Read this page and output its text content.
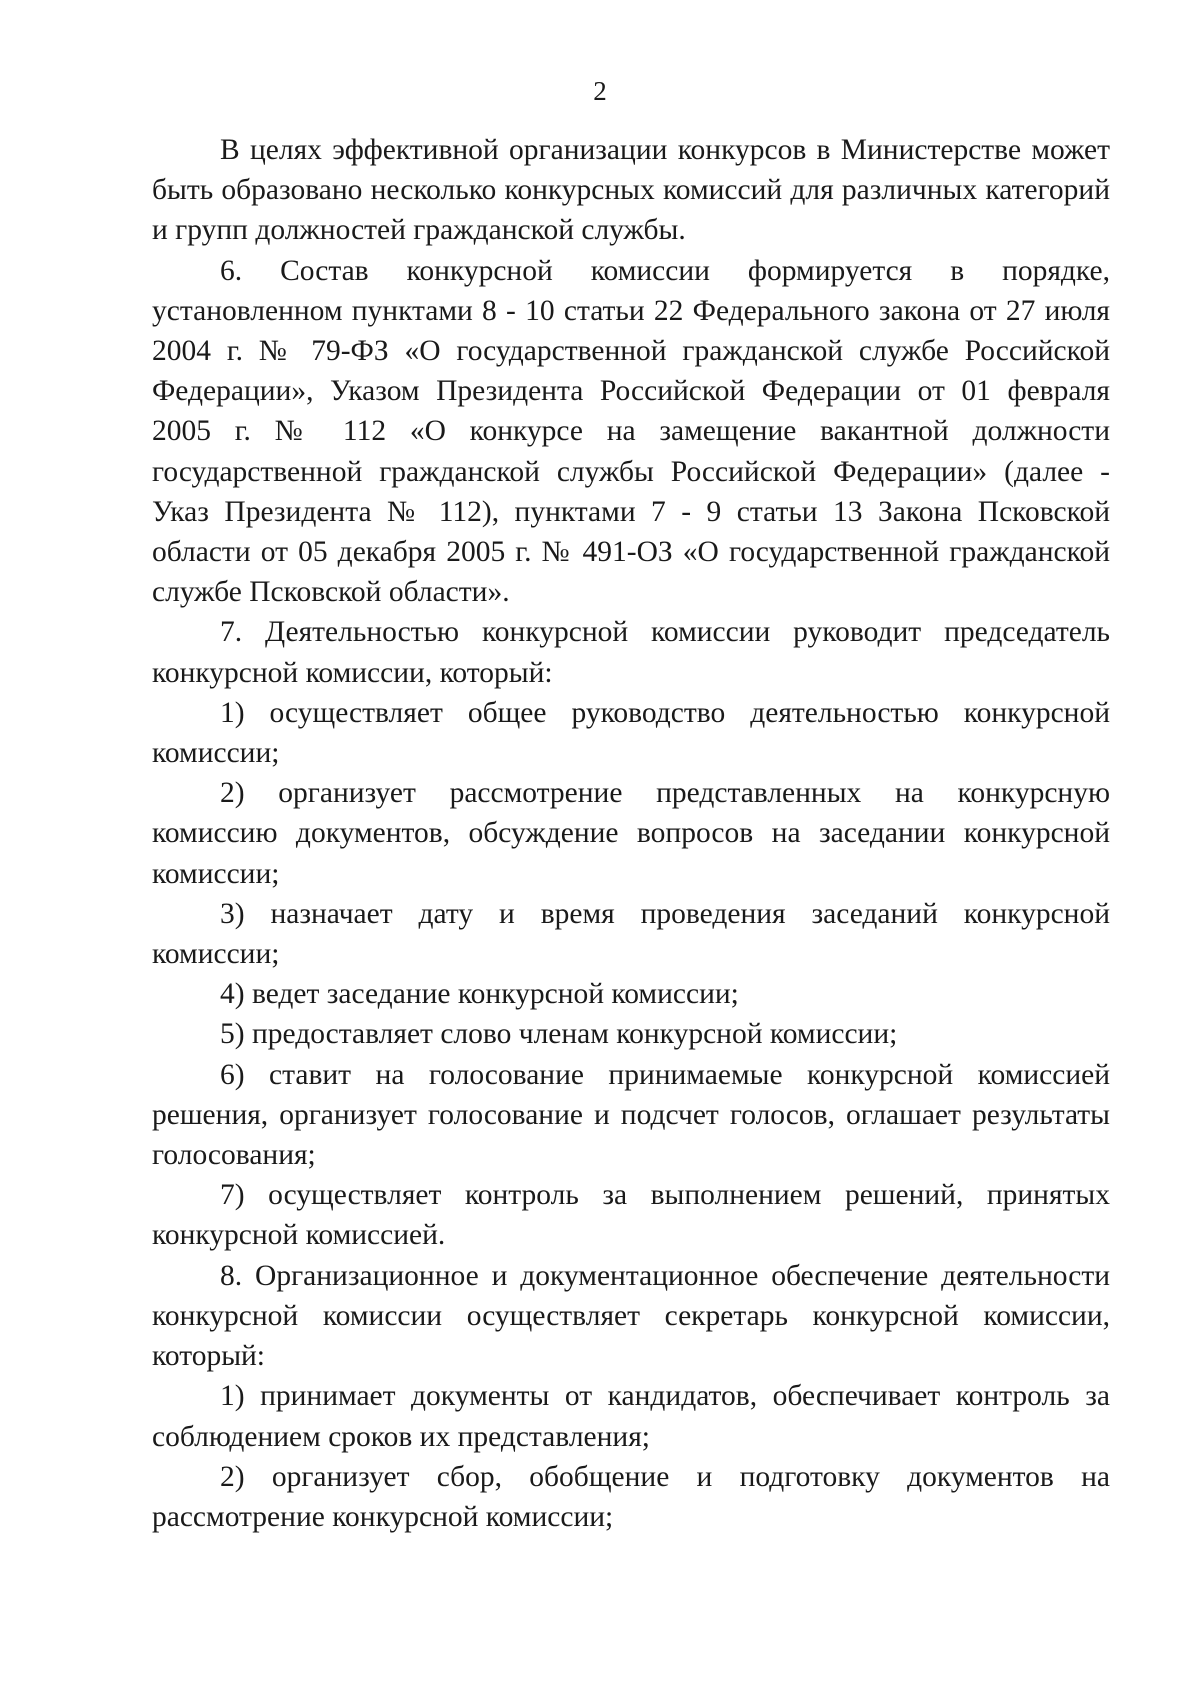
2

В целях эффективной организации конкурсов в Министерстве может быть образовано несколько конкурсных комиссий для различных категорий и групп должностей гражданской службы.

6. Состав конкурсной комиссии формируется в порядке, установленном пунктами 8 - 10 статьи 22 Федерального закона от 27 июля 2004 г. № 79-ФЗ «О государственной гражданской службе Российской Федерации», Указом Президента Российской Федерации от 01 февраля 2005 г. № 112 «О конкурсе на замещение вакантной должности государственной гражданской службы Российской Федерации» (далее - Указ Президента № 112), пунктами 7 - 9 статьи 13 Закона Псковской области от 05 декабря 2005 г. № 491-ОЗ «О государственной гражданской службе Псковской области».

7. Деятельностью конкурсной комиссии руководит председатель конкурсной комиссии, который:

1) осуществляет общее руководство деятельностью конкурсной комиссии;

2) организует рассмотрение представленных на конкурсную комиссию документов, обсуждение вопросов на заседании конкурсной комиссии;

3) назначает дату и время проведения заседаний конкурсной комиссии;

4) ведет заседание конкурсной комиссии;

5) предоставляет слово членам конкурсной комиссии;

6) ставит на голосование принимаемые конкурсной комиссией решения, организует голосование и подсчет голосов, оглашает результаты голосования;

7) осуществляет контроль за выполнением решений, принятых конкурсной комиссией.

8. Организационное и документационное обеспечение деятельности конкурсной комиссии осуществляет секретарь конкурсной комиссии, который:

1) принимает документы от кандидатов, обеспечивает контроль за соблюдением сроков их представления;

2) организует сбор, обобщение и подготовку документов на рассмотрение конкурсной комиссии;
